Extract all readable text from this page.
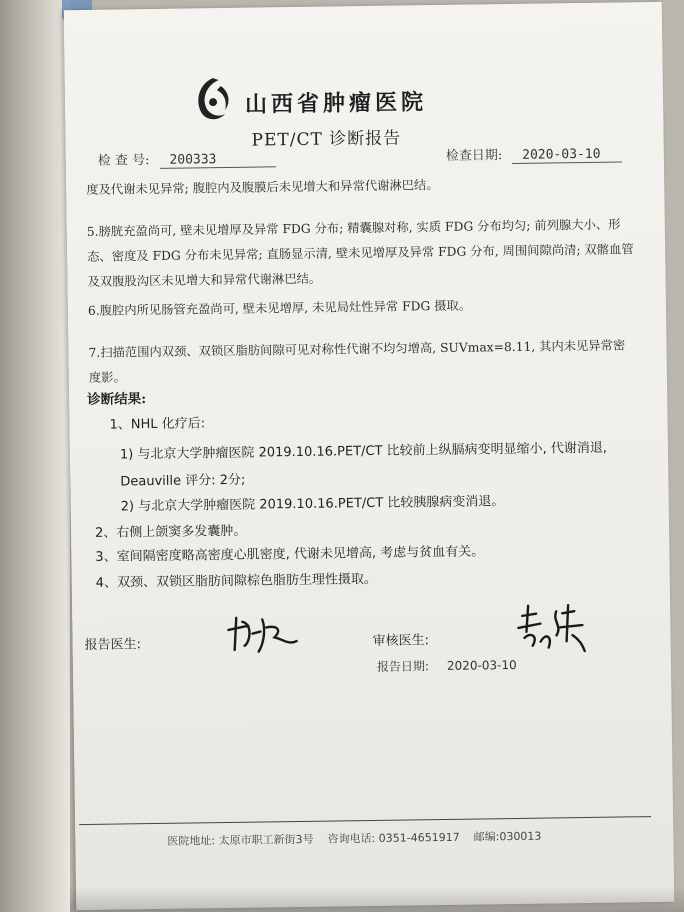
山西省肿瘤医院
PET/CT 诊断报告
检 查 号: 200333	检查日期: 2020-03-10
度及代谢未见异常; 腹腔内及腹膜后未见增大和异常代谢淋巴结。
5.膀胱充盈尚可, 壁未见增厚及异常 FDG 分布; 精囊腺对称, 实质 FDG 分布均匀; 前列腺大小、形态、密度及 FDG 分布未见异常; 直肠显示清, 壁未见增厚及异常 FDG 分布, 周围间隙尚清; 双髂血管及双腹股沟区未见增大和异常代谢淋巴结。
6.腹腔内所见肠管充盈尚可, 壁未见增厚, 未见局灶性异常 FDG 摄取。
7.扫描范围内双颈、双锁区脂肪间隙可见对称性代谢不均匀增高, SUVmax=8.11, 其内未见异常密度影。
诊断结果:
1、NHL 化疗后:
1) 与北京大学肿瘤医院 2019.10.16.PET/CT 比较前上纵膈病变明显缩小, 代谢消退, Deauville 评分: 2分;
2) 与北京大学肿瘤医院 2019.10.16.PET/CT 比较胰腺病变消退。
2、右侧上颌窦多发囊肿。
3、室间隔密度略高密度心肌密度, 代谢未见增高, 考虑与贫血有关。
4、双颈、双锁区脂肪间隙棕色脂肪生理性摄取。
报告医生:	审核医生:
报告日期: 2020-03-10
医院地址: 太原市职工新街3号 咨询电话: 0351-4651917 邮编:030013
